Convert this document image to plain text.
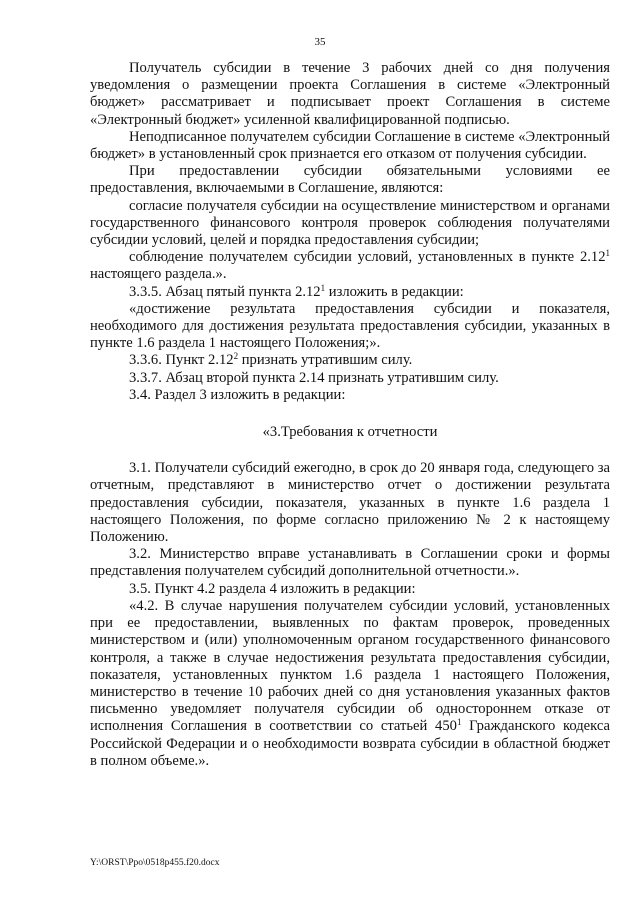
35

Получатель субсидии в течение 3 рабочих дней со дня получения уведомления о размещении проекта Соглашения в системе «Электронный бюджет» рассматривает и подписывает проект Соглашения в системе «Электронный бюджет» усиленной квалифицированной подписью.

Неподписанное получателем субсидии Соглашение в системе «Электронный бюджет» в установленный срок признается его отказом от получения субсидии.

При предоставлении субсидии обязательными условиями ее предоставления, включаемыми в Соглашение, являются:

согласие получателя субсидии на осуществление министерством и органами государственного финансового контроля проверок соблюдения получателями субсидии условий, целей и порядка предоставления субсидии;

соблюдение получателем субсидии условий, установленных в пункте 2.12$^1$ настоящего раздела.».

3.3.5. Абзац пятый пункта 2.12$^1$ изложить в редакции:

«достижение результата предоставления субсидии и показателя, необходимого для достижения результата предоставления субсидии, указанных в пункте 1.6 раздела 1 настоящего Положения;».

3.3.6. Пункт 2.12$^2$ признать утратившим силу.

3.3.7. Абзац второй пункта 2.14 признать утратившим силу.

3.4. Раздел 3 изложить в редакции:

«3.Требования к отчетности

3.1. Получатели субсидий ежегодно, в срок до 20 января года, следующего за отчетным, представляют в министерство отчет о достижении результата предоставления субсидии, показателя, указанных в пункте 1.6 раздела 1 настоящего Положения, по форме согласно приложению № 2 к настоящему Положению.

3.2. Министерство вправе устанавливать в Соглашении сроки и формы представления получателем субсидий дополнительной отчетности.».

3.5. Пункт 4.2 раздела 4 изложить в редакции:

«4.2. В случае нарушения получателем субсидии условий, установленных при ее предоставлении, выявленных по фактам проверок, проведенных министерством и (или) уполномоченным органом государственного финансового контроля, а также в случае недостижения результата предоставления субсидии, показателя, установленных пунктом 1.6 раздела 1 настоящего Положения, министерство в течение 10 рабочих дней со дня установления указанных фактов письменно уведомляет получателя субсидии об одностороннем отказе от исполнения Соглашения в соответствии со статьей $450^1$ Гражданского кодекса Российской Федерации и о необходимости возврата субсидии в областной бюджет в полном объеме.».

Y:\ORST\Ppo\0518p455.f20.docx
